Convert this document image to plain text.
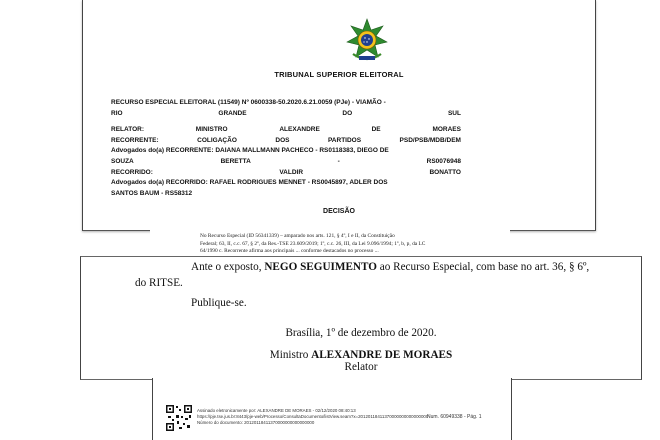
TRIBUNAL SUPERIOR ELEITORAL
RECURSO ESPECIAL ELEITORAL (11549) Nº 0600338-50.2020.6.21.0059 (PJe) - VIAMÃO -
RIO	GRANDE	DO	SUL
RELATOR:	MINISTRO	ALEXANDRE	DE	MORAES
RECORRENTE:	COLIGAÇÃO	DOS	PARTIDOS	PSD/PSB/MDB/DEM
Advogados do(a) RECORRENTE: DAIANA MALLMANN PACHECO - RS0118383, DIEGO DE
SOUZA	BERETTA	-	RS0076948
RECORRIDO:	VALDIR	BONATTO
Advogados do(a) RECORRIDO: RAFAEL RODRIGUES MENNET - RS0045897, ADLER DOS
SANTOS BAUM - RS58312
DECISÃO
No Recurso Especial (ID 56341339) – amparado nos arts. 121, § 4º, I e II, da Constituição
Federal; 63, II, c.c. 67, § 2º, da Res.-TSE 23.609/2019; 1º, c.c. 26, III, da Lei 9.096/1994; 1º, b, p, da LC
64/1990 c. Recorrente afirma aos principais ... conforme destacados no processo ...
Ante o exposto, NEGO SEGUIMENTO ao Recurso Especial, com base no art. 36, § 6º,
do RITSE.
Publique-se.
Brasília, 1º de dezembro de 2020.
Ministro ALEXANDRE DE MORAES
Relator
Assinado eletronicamente por: ALEXANDRE DE MORAES - 02/12/2020 08:40:13
https://pje.tse.jus.br:8443/pje-web/Processo/ConsultaDocumento/listView.seam?x=20120118411370000000000000000
Número do documento: 20120118411370000000000000000
Num. 60949338 - Pág. 1
